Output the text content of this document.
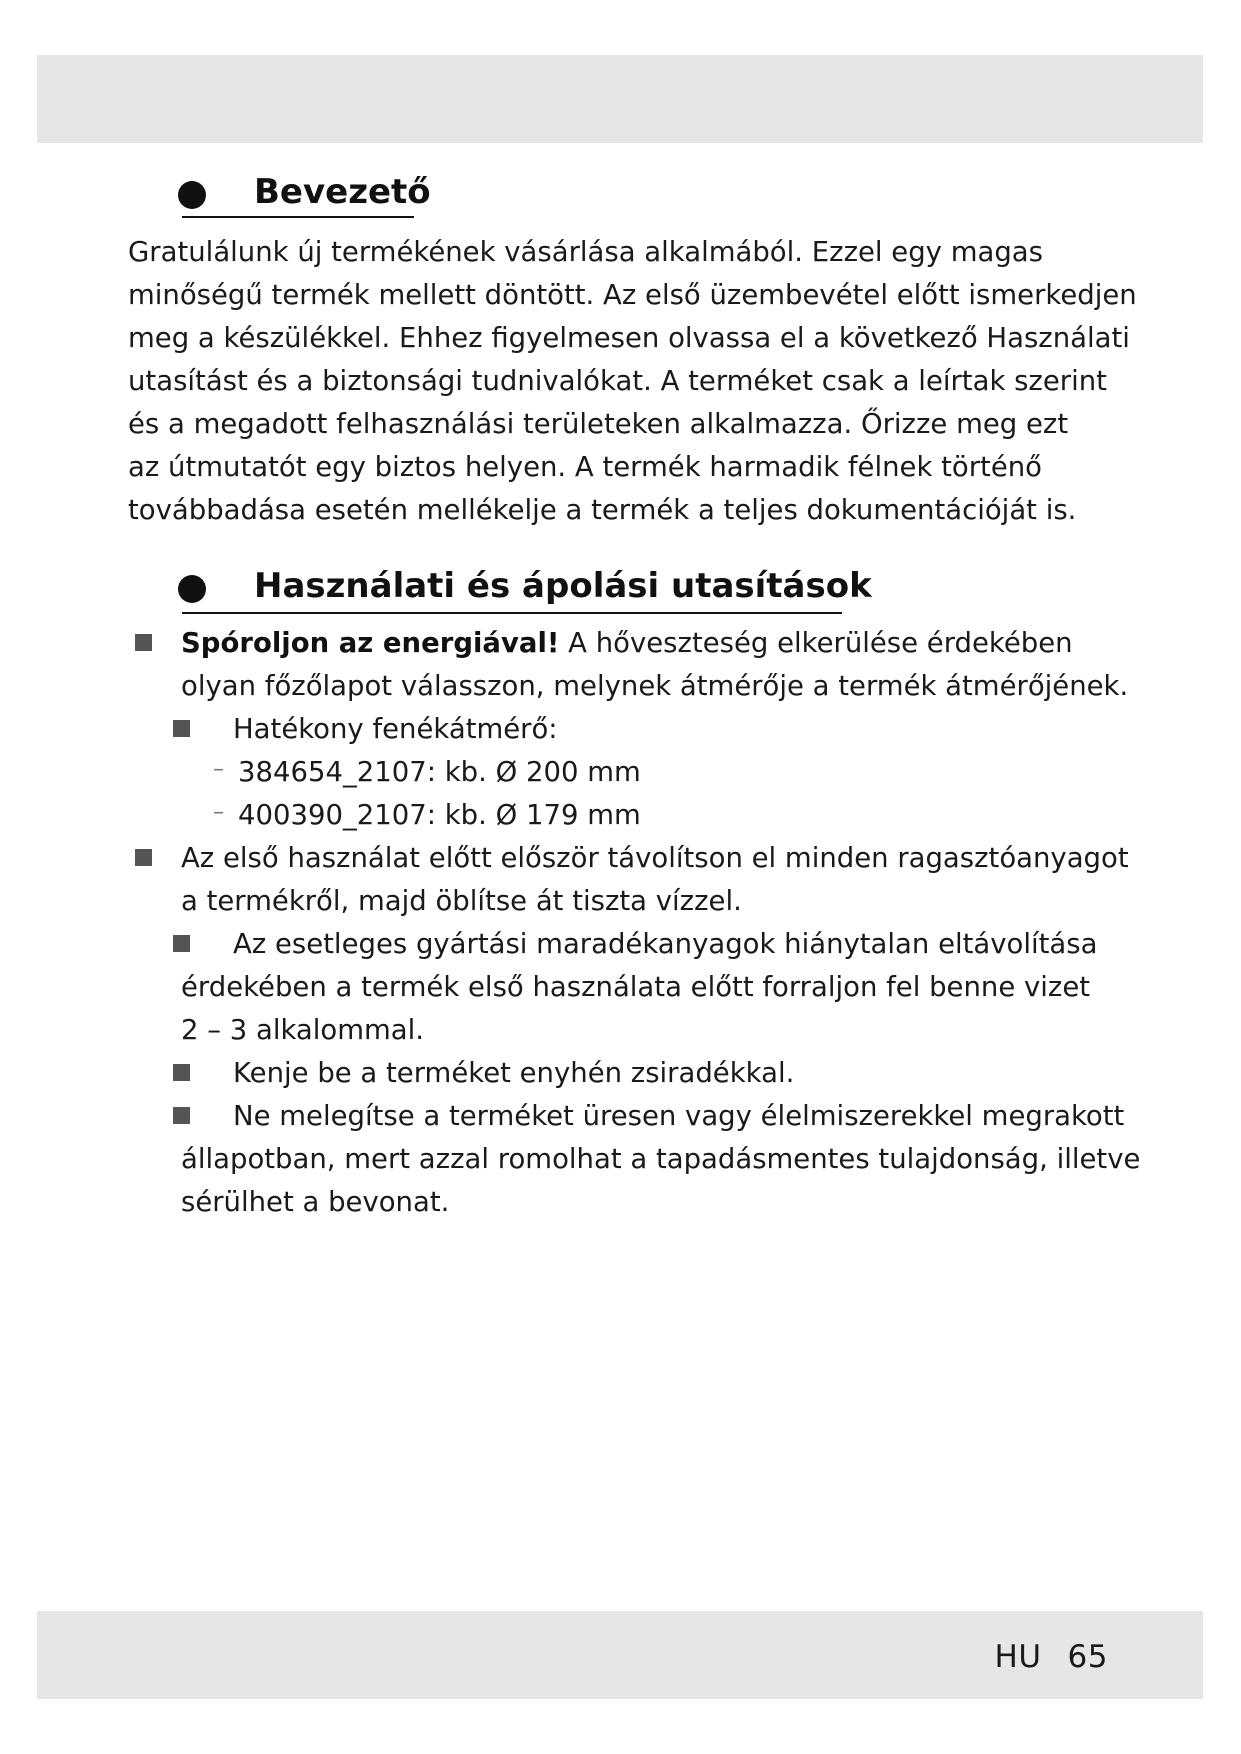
Bevezető
Gratulálunk új termékének vásárlása alkalmából. Ezzel egy magas
minőségű termék mellett döntött. Az első üzembevétel előtt ismerkedjen
meg a készülékkel. Ehhez figyelmesen olvassa el a következő Használati
utasítást és a biztonsági tudnivalókat. A terméket csak a leírtak szerint
és a megadott felhasználási területeken alkalmazza. Őrizze meg ezt
az útmutatót egy biztos helyen. A termék harmadik félnek történő
továbbadása esetén mellékelje a termék a teljes dokumentációját is.
Használati és ápolási utasítások
Spóroljon az energiával! A hőveszteség elkerülése érdekében
olyan főzőlapot válasszon, melynek átmérője a termék átmérőjének.
Hatékony fenékátmérő:
– 384654_2107: kb. Ø 200 mm
– 400390_2107: kb. Ø 179 mm
Az első használat előtt először távolítson el minden ragasztóanyagot
a termékről, majd öblítse át tiszta vízzel.
Az esetleges gyártási maradékanyagok hiánytalan eltávolítása
érdekében a termék első használata előtt forraljon fel benne vizet
2 – 3 alkalommal.
Kenje be a terméket enyhén zsiradékkal.
Ne melegítse a terméket üresen vagy élelmiszerekkel megrakott
állapotban, mert azzal romolhat a tapadásmentes tulajdonság, illetve
sérülhet a bevonat.
HU 65
